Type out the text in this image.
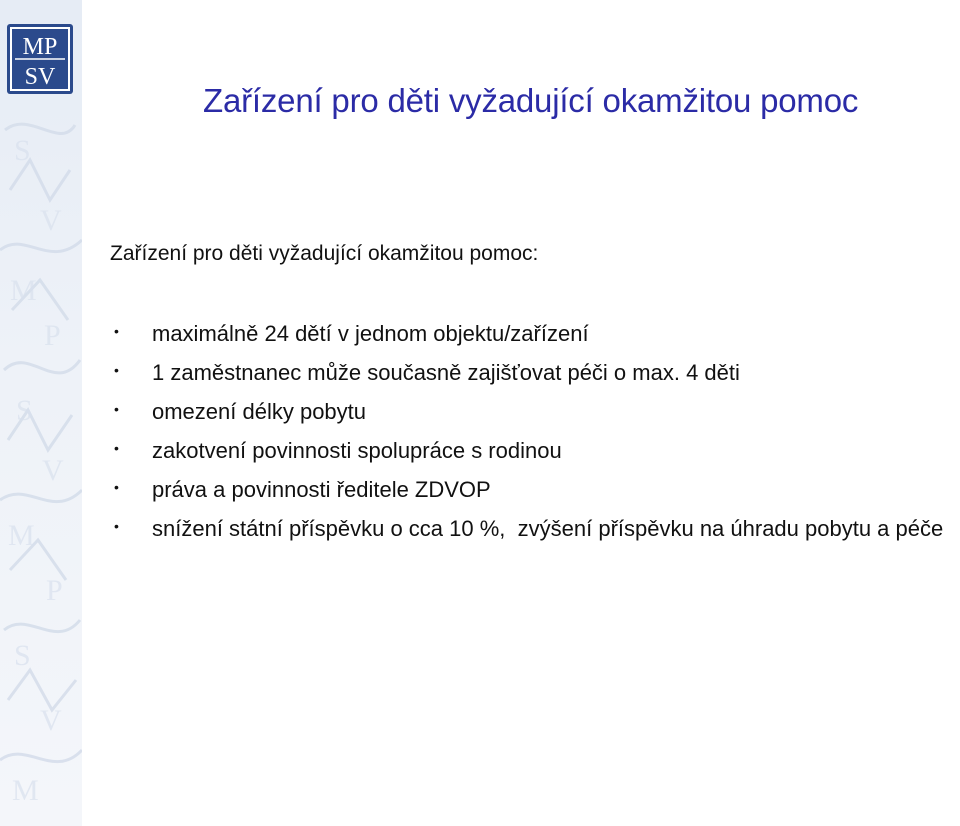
S
V
M
P
S
V
M
P
S
V
M
MP
SV
Zařízení pro děti vyžadující okamžitou pomoc

Zařízení pro děti vyžadující okamžitou pomoc:

• maximálně 24 dětí v jednom objektu/zařízení
• 1 zaměstnanec může současně zajišťovat péči o max. 4 děti
• omezení délky pobytu
• zakotvení povinnosti spolupráce s rodinou
• práva a povinnosti ředitele ZDVOP
• snížení státní příspěvku o cca 10 %,  zvýšení příspěvku na úhradu pobytu a péče
